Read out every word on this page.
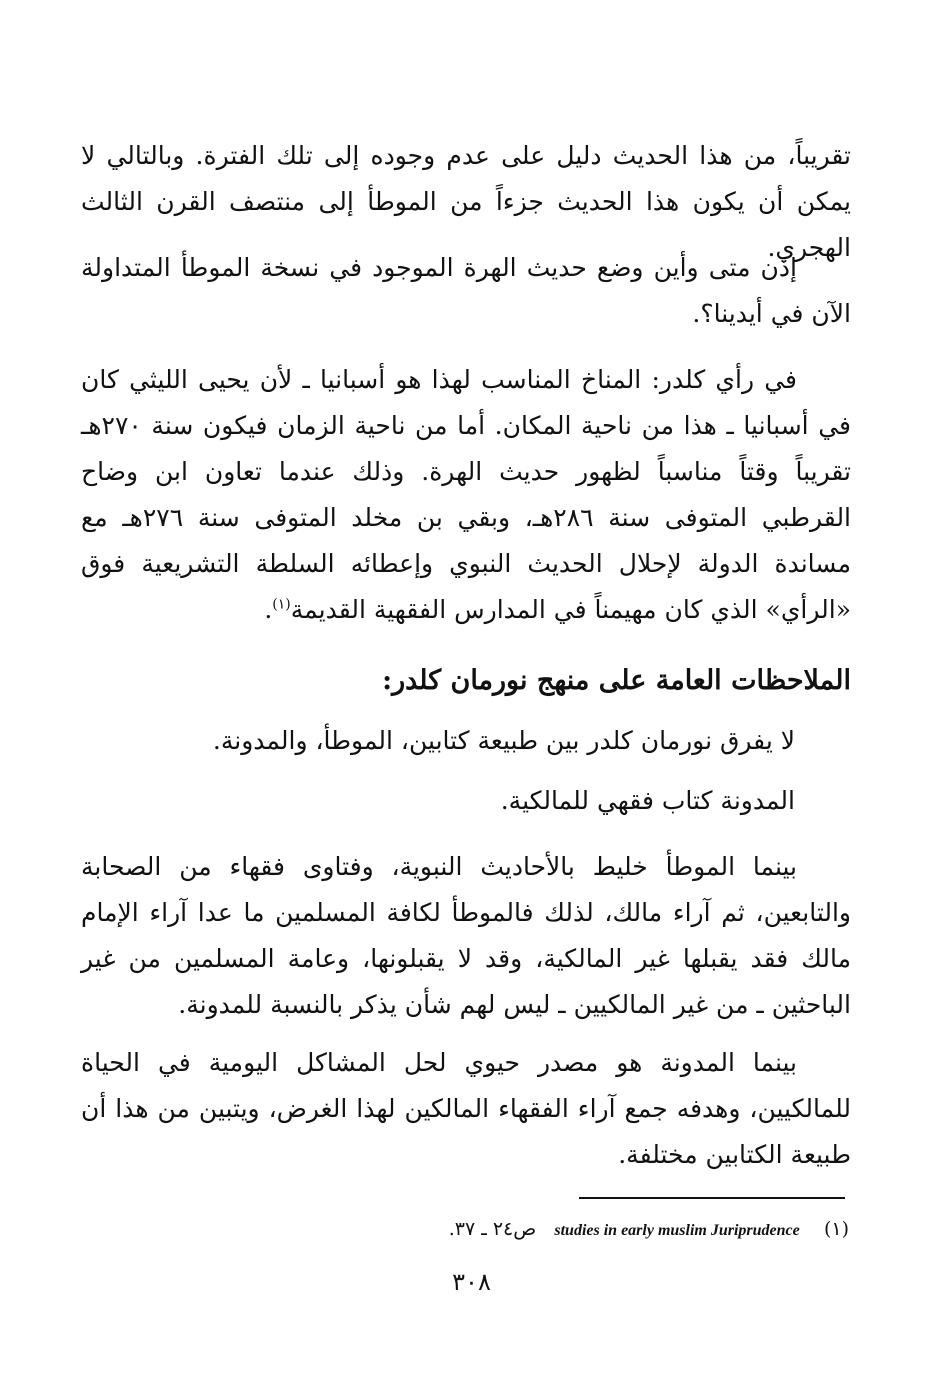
تقريباً، من هذا الحديث دليل على عدم وجوده إلى تلك الفترة. وبالتالي لا يمكن أن يكون هذا الحديث جزءاً من الموطأ إلى منتصف القرن الثالث الهجري.

إذن متى وأين وضع حديث الهرة الموجود في نسخة الموطأ المتداولة الآن في أيدينا؟.

في رأي كلدر: المناخ المناسب لهذا هو أسبانيا ـ لأن يحيى الليثي كان في أسبانيا ـ هذا من ناحية المكان. أما من ناحية الزمان فيكون سنة ٢٧٠هـ تقريباً وقتاً مناسباً لظهور حديث الهرة. وذلك عندما تعاون ابن وضاح القرطبي المتوفى سنة ٢٨٦هـ، وبقي بن مخلد المتوفى سنة ٢٧٦هـ مع مساندة الدولة لإحلال الحديث النبوي وإعطائه السلطة التشريعية فوق «الرأي» الذي كان مهيمناً في المدارس الفقهية القديمة$^{(١)}$.

الملاحظات العامة على منهج نورمان كلدر:

لا يفرق نورمان كلدر بين طبيعة كتابين، الموطأ، والمدونة.

المدونة كتاب فقهي للمالكية.

بينما الموطأ خليط بالأحاديث النبوية، وفتاوى فقهاء من الصحابة والتابعين، ثم آراء مالك، لذلك فالموطأ لكافة المسلمين ما عدا آراء الإمام مالك فقد يقبلها غير المالكية، وقد لا يقبلونها، وعامة المسلمين من غير الباحثين ـ من غير المالكيين ـ ليس لهم شأن يذكر بالنسبة للمدونة.

بينما المدونة هو مصدر حيوي لحل المشاكل اليومية في الحياة للمالكيين، وهدفه جمع آراء الفقهاء المالكين لهذا الغرض، ويتبين من هذا أن طبيعة الكتابين مختلفة.

(١)    studies in early muslim Juriprudence   ص٢٤ ـ ٣٧.
٣٠٨
